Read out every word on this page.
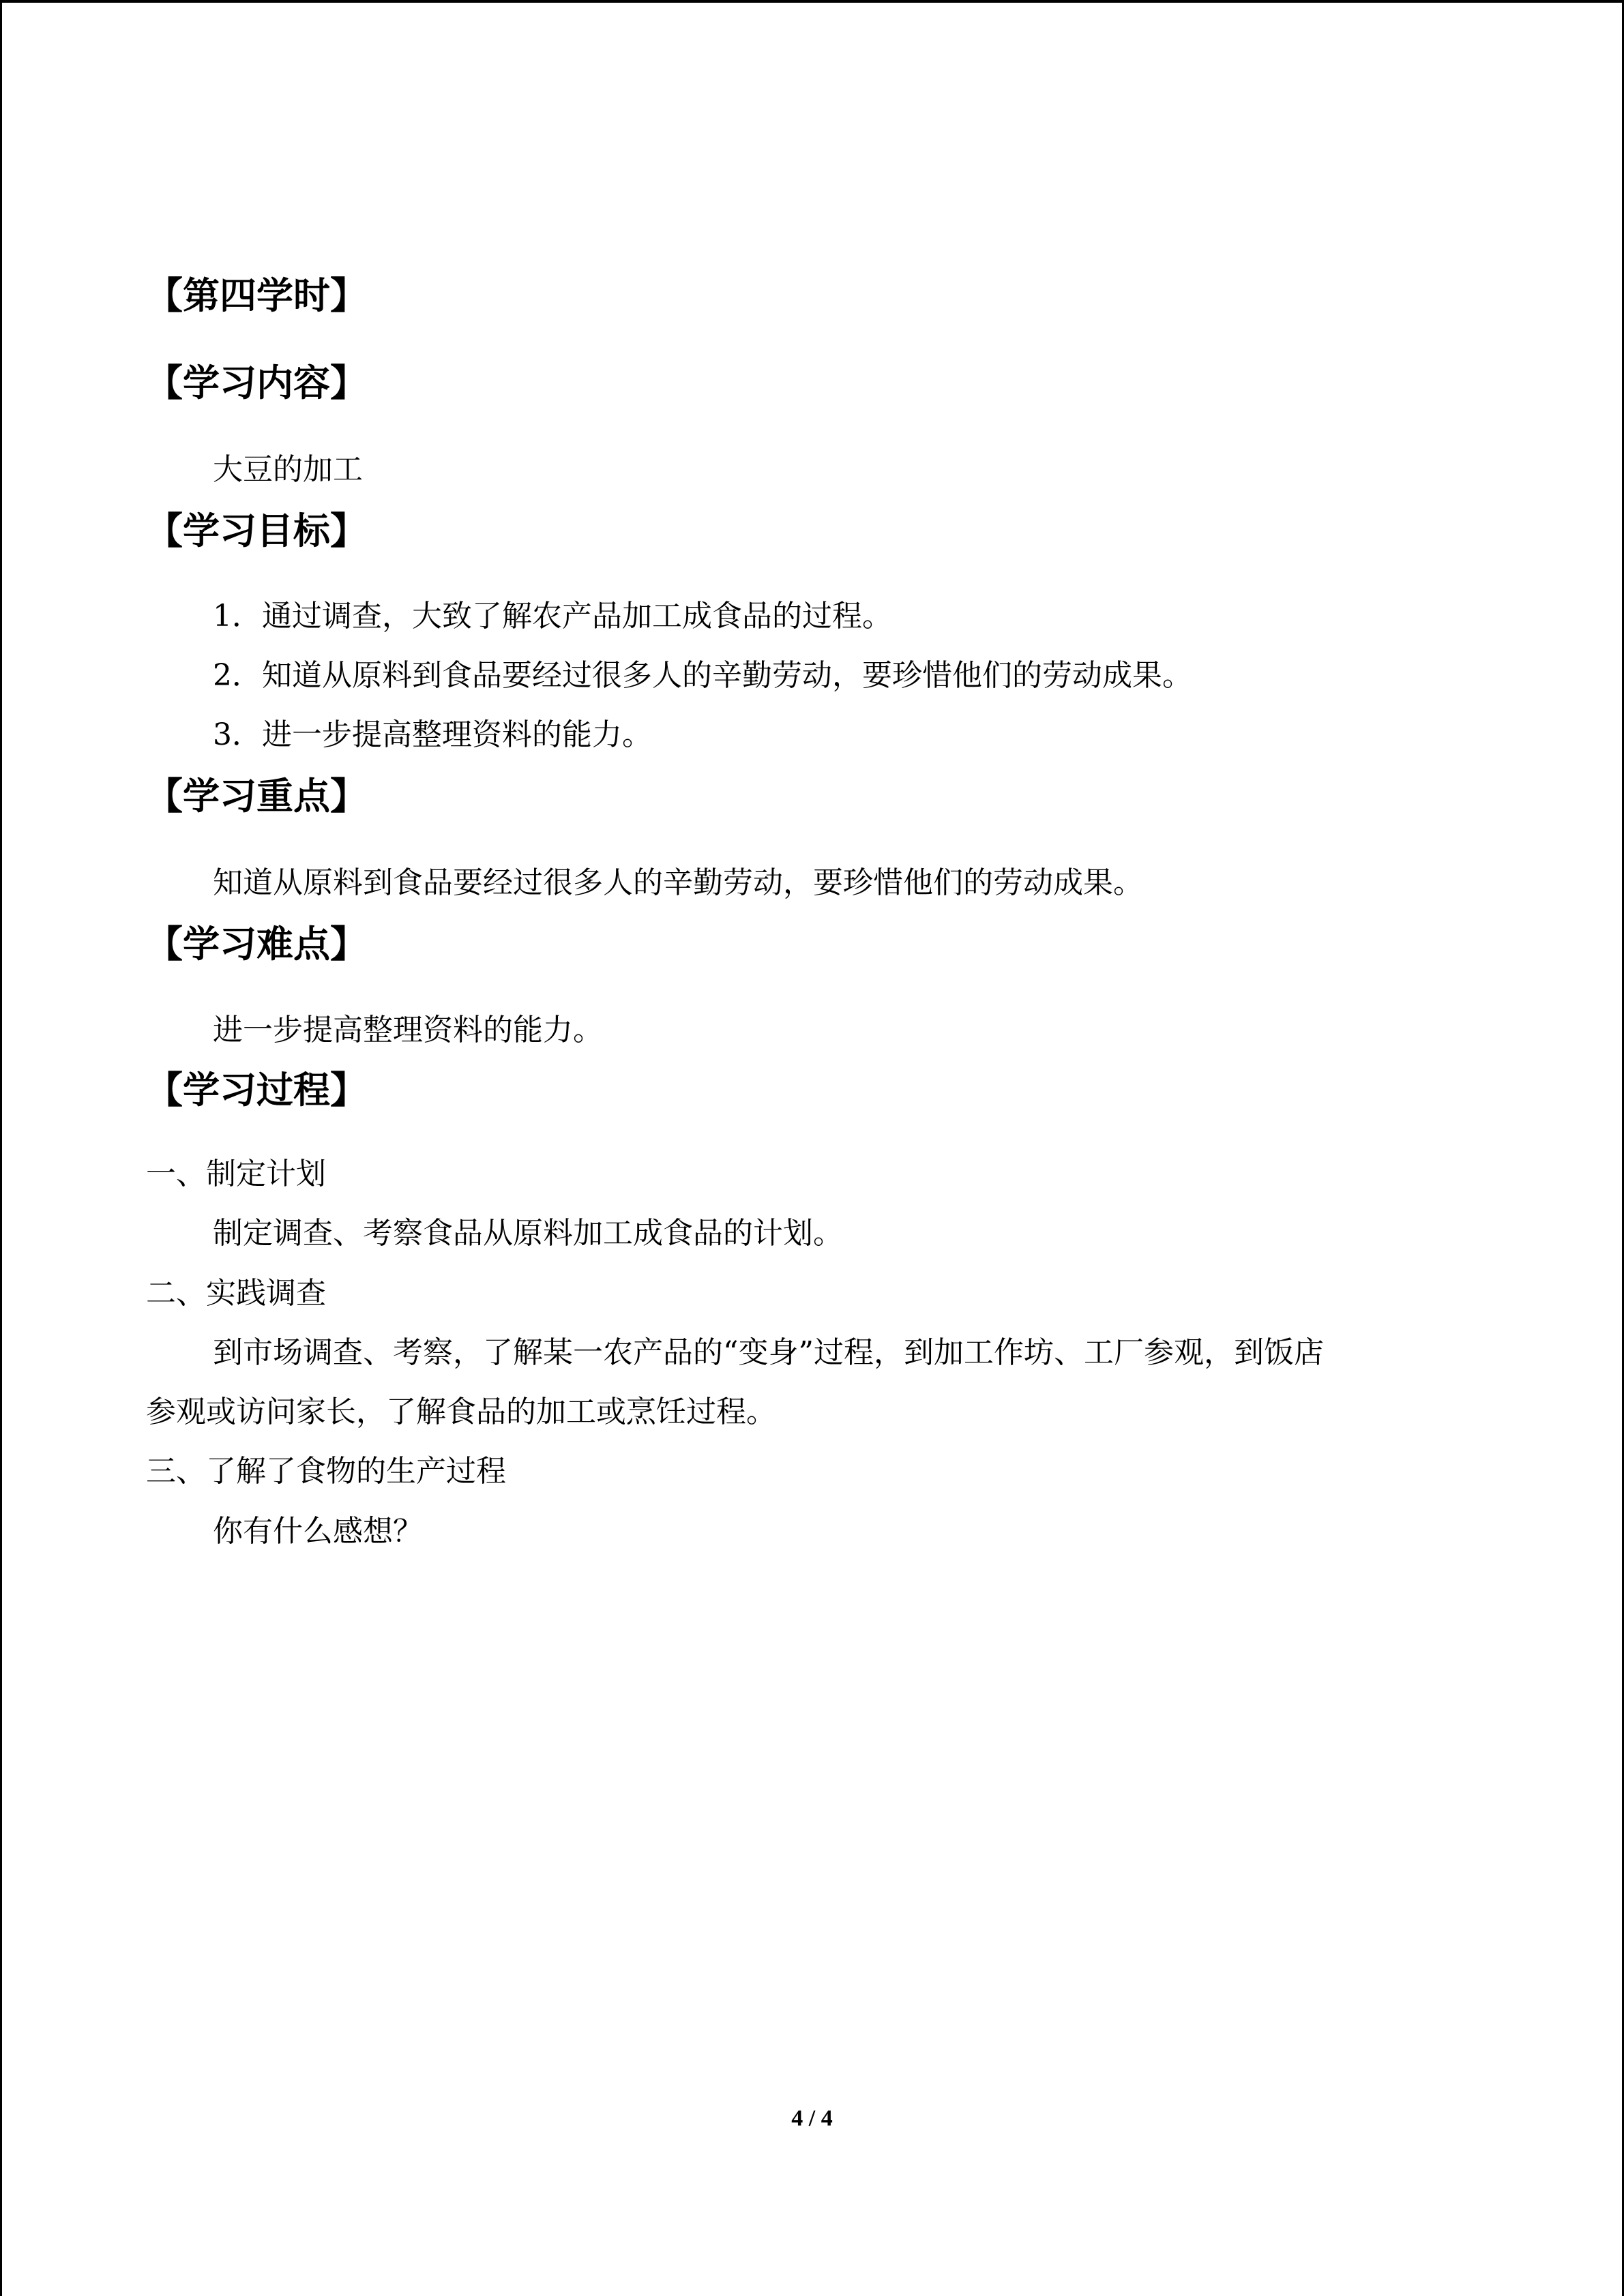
【第四学时】
【学习内容】
大豆的加工
【学习目标】
1．通过调查，大致了解农产品加工成食品的过程。
2．知道从原料到食品要经过很多人的辛勤劳动，要珍惜他们的劳动成果。
3．进一步提高整理资料的能力。
【学习重点】
知道从原料到食品要经过很多人的辛勤劳动，要珍惜他们的劳动成果。
【学习难点】
进一步提高整理资料的能力。
【学习过程】
一、制定计划
制定调查、考察食品从原料加工成食品的计划。
二、实践调查
到市场调查、考察，了解某一农产品的“变身”过程，到加工作坊、工厂参观，到饭店
参观或访问家长，了解食品的加工或烹饪过程。
三、了解了食物的生产过程
你有什么感想？
4 / 4
